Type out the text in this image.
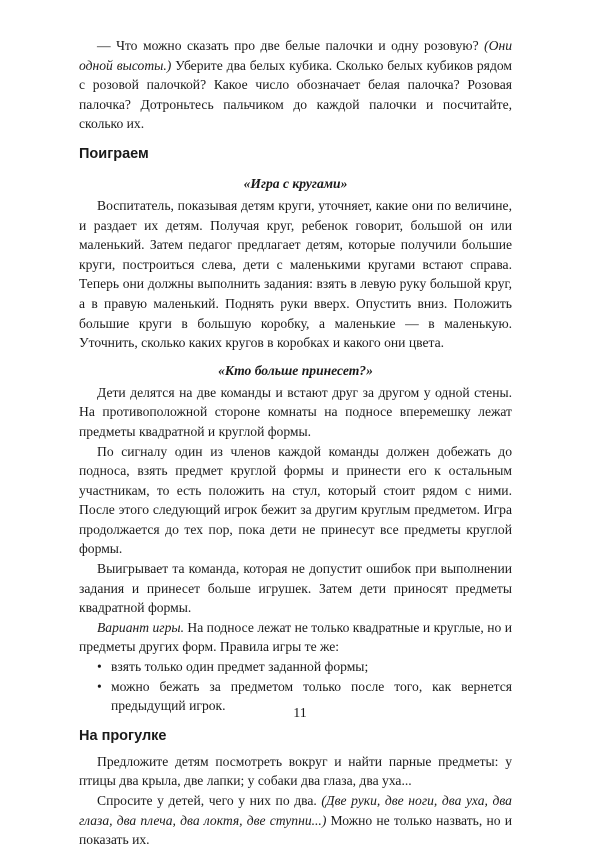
— Что можно сказать про две белые палочки и одну розовую? (Они одной высоты.) Уберите два белых кубика. Сколько белых кубиков рядом с розовой палочкой? Какое число обозначает белая палочка? Розовая палочка? Дотроньтесь пальчиком до каждой палочки и посчитайте, сколько их.

Поиграем
«Игра с кругами»

Воспитатель, показывая детям круги, уточняет, какие они по величине, и раздает их детям. Получая круг, ребенок говорит, большой он или маленький. Затем педагог предлагает детям, которые получили большие круги, построиться слева, дети с маленькими кругами встают справа. Теперь они должны выполнить задания: взять в левую руку большой круг, а в правую маленький. Поднять руки вверх. Опустить вниз. Положить большие круги в большую коробку, а маленькие — в маленькую. Уточнить, сколько каких кругов в коробках и какого они цвета.

«Кто больше принесет?»

Дети делятся на две команды и встают друг за другом у одной стены. На противоположной стороне комнаты на подносе вперемешку лежат предметы квадратной и круглой формы.

По сигналу один из членов каждой команды должен добежать до подноса, взять предмет круглой формы и принести его к остальным участникам, то есть положить на стул, который стоит рядом с ними. После этого следующий игрок бежит за другим круглым предметом. Игра продолжается до тех пор, пока дети не принесут все предметы круглой формы.

Выигрывает та команда, которая не допустит ошибок при выполнении задания и принесет больше игрушек. Затем дети приносят предметы квадратной формы.

Вариант игры. На подносе лежат не только квадратные и круглые, но и предметы других форм. Правила игры те же:

• взять только один предмет заданной формы;
• можно бежать за предметом только после того, как вернется предыдущий игрок.
На прогулке

Предложите детям посмотреть вокруг и найти парные предметы: у птицы два крыла, две лапки; у собаки два глаза, два уха...

Спросите у детей, чего у них по два. (Две руки, две ноги, два уха, два глаза, два плеча, два локтя, две ступни...) Можно не только назвать, но и показать их.

11
